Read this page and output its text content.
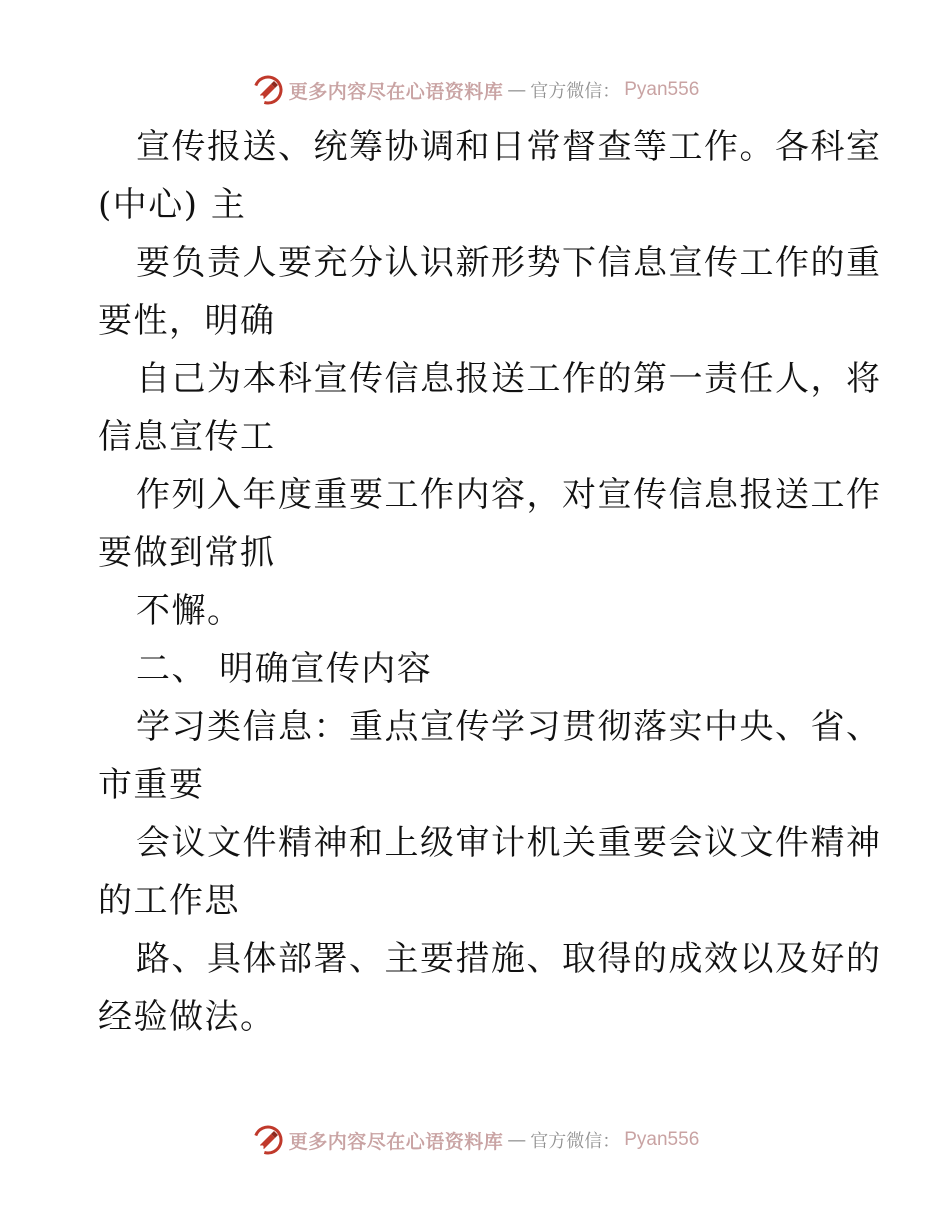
更多内容尽在心语资料库 — 官方微信： Pyan556
宣传报送、统筹协调和日常督查等工作。各科室
(中心) 主
要负责人要充分认识新形势下信息宣传工作的重
要性，明确
自己为本科宣传信息报送工作的第一责任人，将
信息宣传工
作列入年度重要工作内容，对宣传信息报送工作
要做到常抓
不懈。
二、 明确宣传内容
学习类信息：重点宣传学习贯彻落实中央、省、
市重要
会议文件精神和上级审计机关重要会议文件精神
的工作思
路、具体部署、主要措施、取得的成效以及好的
经验做法。
更多内容尽在心语资料库 — 官方微信： Pyan556
